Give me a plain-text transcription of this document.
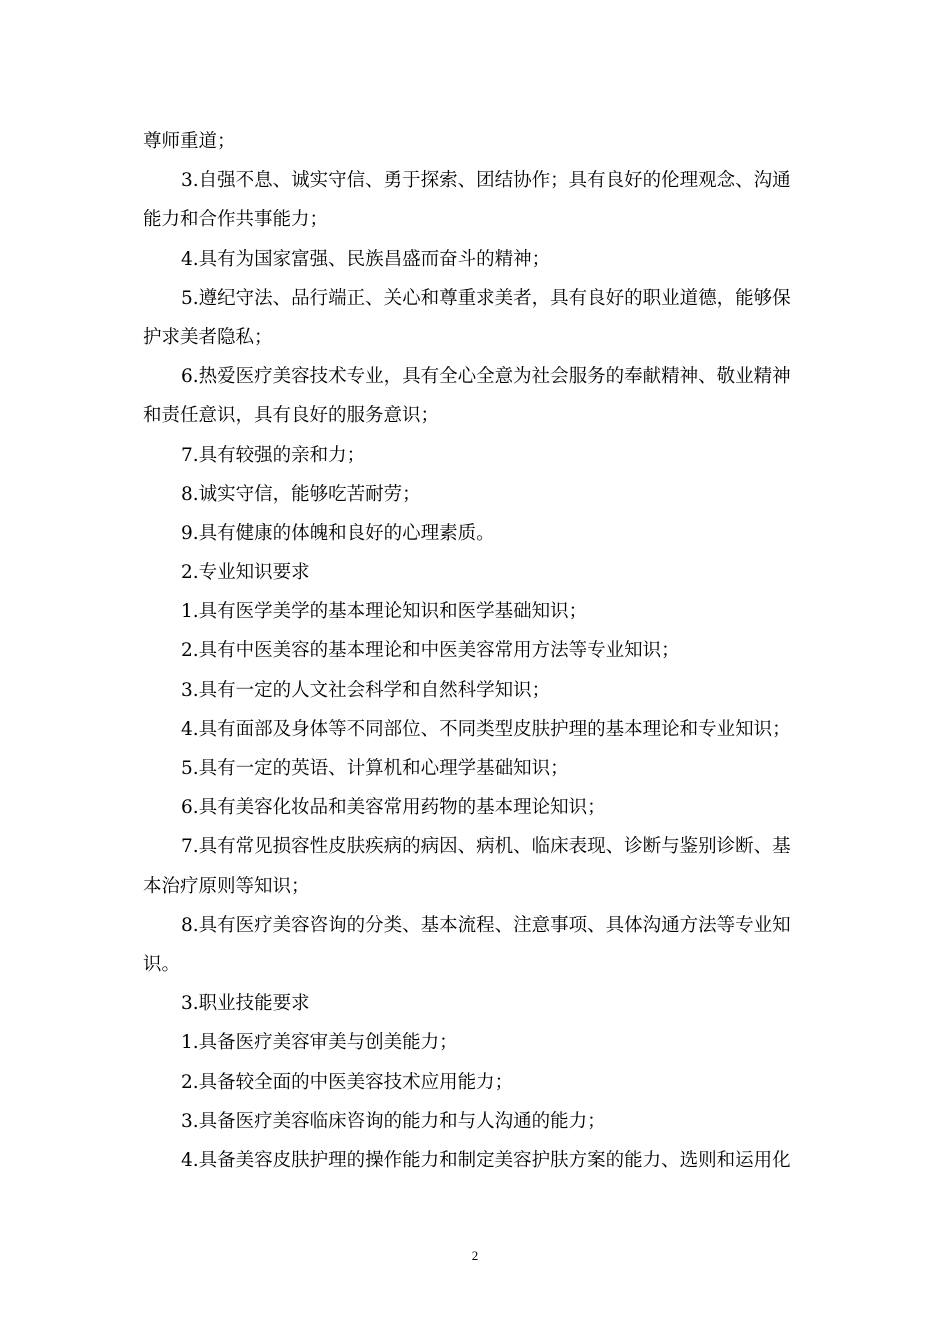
尊师重道；
3.自强不息、诚实守信、勇于探索、团结协作；具有良好的伦理观念、沟通
能力和合作共事能力；
4.具有为国家富强、民族昌盛而奋斗的精神；
5.遵纪守法、品行端正、关心和尊重求美者，具有良好的职业道德，能够保
护求美者隐私；
6.热爱医疗美容技术专业，具有全心全意为社会服务的奉献精神、敬业精神
和责任意识，具有良好的服务意识；
7.具有较强的亲和力；
8.诚实守信，能够吃苦耐劳；
9.具有健康的体魄和良好的心理素质。
2.专业知识要求
1.具有医学美学的基本理论知识和医学基础知识；
2.具有中医美容的基本理论和中医美容常用方法等专业知识；
3.具有一定的人文社会科学和自然科学知识；
4.具有面部及身体等不同部位、不同类型皮肤护理的基本理论和专业知识；
5.具有一定的英语、计算机和心理学基础知识；
6.具有美容化妆品和美容常用药物的基本理论知识；
7.具有常见损容性皮肤疾病的病因、病机、临床表现、诊断与鉴别诊断、基
本治疗原则等知识；
8.具有医疗美容咨询的分类、基本流程、注意事项、具体沟通方法等专业知
识。
3.职业技能要求
1.具备医疗美容审美与创美能力；
2.具备较全面的中医美容技术应用能力；
3.具备医疗美容临床咨询的能力和与人沟通的能力；
4.具备美容皮肤护理的操作能力和制定美容护肤方案的能力、选则和运用化
2
